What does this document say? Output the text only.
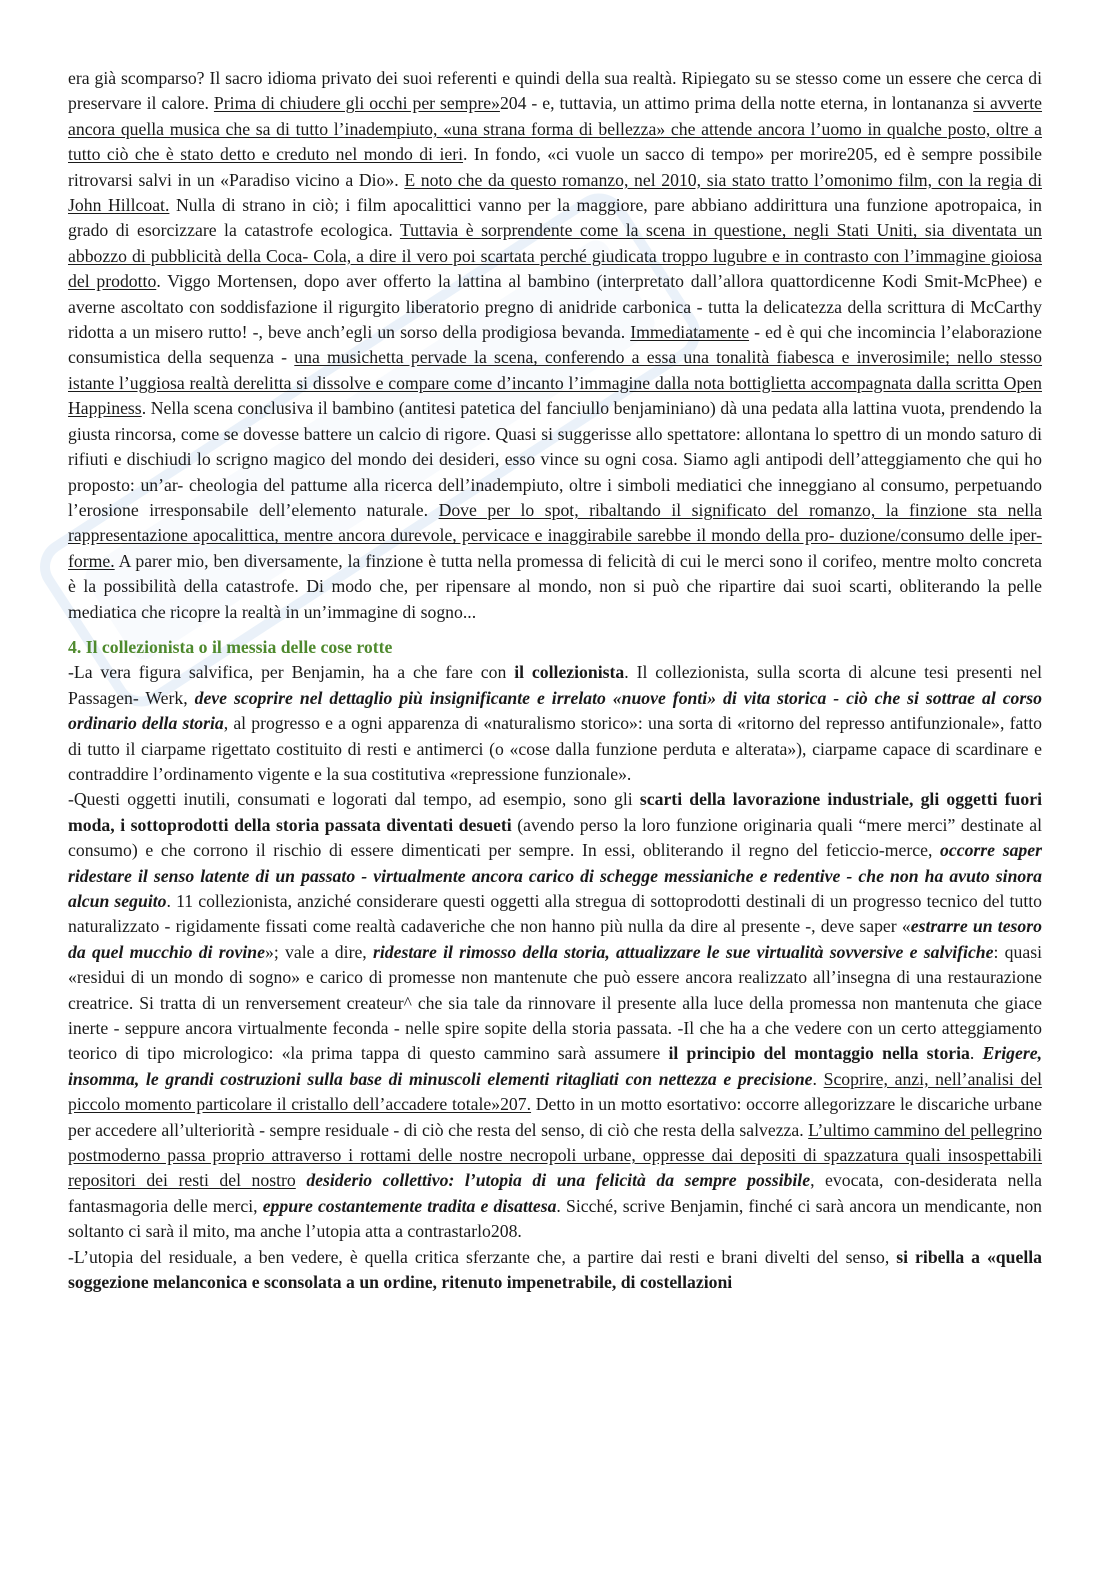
era già scomparso? Il sacro idioma privato dei suoi referenti e quindi della sua realtà. Ripiegato su se stesso come un essere che cerca di preservare il calore. Prima di chiudere gli occhi per sempre»204 - e, tuttavia, un attimo prima della notte eterna, in lontananza si avverte ancora quella musica che sa di tutto l’inadempiuto, «una strana forma di bellezza» che attende ancora l’uomo in qualche posto, oltre a tutto ciò che è stato detto e creduto nel mondo di ieri. In fondo, «ci vuole un sacco di tempo» per morire205, ed è sempre possibile ritrovarsi salvi in un «Paradiso vicino a Dio». E noto che da questo romanzo, nel 2010, sia stato tratto l’omonimo film, con la regia di John Hillcoat. Nulla di strano in ciò; i film apocalittici vanno per la maggiore, pare abbiano addirittura una funzione apotropaica, in grado di esorcizzare la catastrofe ecologica. Tuttavia è sorprendente come la scena in questione, negli Stati Uniti, sia diventata un abbozzo di pubblicità della Coca- Cola, a dire il vero poi scartata perché giudicata troppo lugubre e in contrasto con l’immagine gioiosa del prodotto. Viggo Mortensen, dopo aver offerto la lattina al bambino (interpretato dall’allora quattordicenne Kodi Smit-McPhee) e averne ascoltato con soddisfazione il rigurgito liberatorio pregno di anidride carbonica - tutta la delicatezza della scrittura di McCarthy ridotta a un misero rutto! -, beve anch’egli un sorso della prodigiosa bevanda. Immediatamente - ed è qui che incomincia l’elaborazione consumistica della sequenza - una musichetta pervade la scena, conferendo a essa una tonalità fiabesca e inverosimile; nello stesso istante l’uggiosa realtà derelitta si dissolve e compare come d’incanto l’immagine dalla nota bottiglietta accompagnata dalla scritta Open Happiness. Nella scena conclusiva il bambino (antitesi patetica del fanciullo benjaminiano) dà una pedata alla lattina vuota, prendendo la giusta rincorsa, come se dovesse battere un calcio di rigore. Quasi si suggerisse allo spettatore: allontana lo spettro di un mondo saturo di rifiuti e dischiudi lo scrigno magico del mondo dei desideri, esso vince su ogni cosa. Siamo agli antipodi dell’atteggiamento che qui ho proposto: un’ar- cheologia del pattume alla ricerca dell’inadempiuto, oltre i simboli mediatici che inneggiano al consumo, perpetuando l’erosione irresponsabile dell’elemento naturale. Dove per lo spot, ribaltando il significato del romanzo, la finzione sta nella rappresentazione apocalittica, mentre ancora durevole, pervicace e inaggirabile sarebbe il mondo della pro- duzione/consumo delle iper- forme. A parer mio, ben diversamente, la finzione è tutta nella promessa di felicità di cui le merci sono il corifeo, mentre molto concreta è la possibilità della catastrofe. Di modo che, per ripensare al mondo, non si può che ripartire dai suoi scarti, obliterando la pelle mediatica che ricopre la realtà in un’immagine di sogno...

4. Il collezionista o il messia delle cose rotte

-La vera figura salvifica, per Benjamin, ha a che fare con il collezionista. Il collezionista, sulla scorta di alcune tesi presenti nel Passagen- Werk, deve scoprire nel dettaglio più insignificante e irrelato «nuove fonti» di vita storica - ciò che si sottrae al corso ordinario della storia, al progresso e a ogni apparenza di «naturalismo storico»: una sorta di «ritorno del represso antifunzionale», fatto di tutto il ciarpame rigettato costituito di resti e antimerci (o «cose dalla funzione perduta e alterata»), ciarpame capace di scardinare e contraddire l’ordinamento vigente e la sua costitutiva «repressione funzionale».

-Questi oggetti inutili, consumati e logorati dal tempo, ad esempio, sono gli scarti della lavorazione industriale, gli oggetti fuori moda, i sottoprodotti della storia passata diventati desueti (avendo perso la loro funzione originaria quali “mere merci” destinate al consumo) e che corrono il rischio di essere dimenticati per sempre. In essi, obliterando il regno del feticcio-merce, occorre saper ridestare il senso latente di un passato - virtualmente ancora carico di schegge messianiche e redentive - che non ha avuto sinora alcun seguito. 11 collezionista, anziché considerare questi oggetti alla stregua di sottoprodotti destinali di un progresso tecnico del tutto naturalizzato - rigidamente fissati come realtà cadaveriche che non hanno più nulla da dire al presente -, deve saper «estrarre un tesoro da quel mucchio di rovine»; vale a dire, ridestare il rimosso della storia, attualizzare le sue virtualità sovversive e salvifiche: quasi «residui di un mondo di sogno» e carico di promesse non mantenute che può essere ancora realizzato all’insegna di una restaurazione creatrice. Si tratta di un renversement createur^ che sia tale da rinnovare il presente alla luce della promessa non mantenuta che giace inerte - seppure ancora virtualmente feconda - nelle spire sopite della storia passata. -Il che ha a che vedere con un certo atteggiamento teorico di tipo micrologico: «la prima tappa di questo cammino sarà assumere il principio del montaggio nella storia. Erigere, insomma, le grandi costruzioni sulla base di minuscoli elementi ritagliati con nettezza e precisione. Scoprire, anzi, nell’analisi del piccolo momento particolare il cristallo dell’accadere totale»207. Detto in un motto esortativo: occorre allegorizzare le discariche urbane per accedere all’ulteriorità - sempre residuale - di ciò che resta del senso, di ciò che resta della salvezza. L’ultimo cammino del pellegrino postmoderno passa proprio attraverso i rottami delle nostre necropoli urbane, oppresse dai depositi di spazzatura quali insospettabili repositori dei resti del nostro desiderio collettivo: l’utopia di una felicità da sempre possibile, evocata, con-desiderata nella fantasmagoria delle merci, eppure costantemente tradita e disattesa. Sicché, scrive Benjamin, finché ci sarà ancora un mendicante, non soltanto ci sarà il mito, ma anche l’utopia atta a contrastarlo208.

-L’utopia del residuale, a ben vedere, è quella critica sferzante che, a partire dai resti e brani divelti del senso, si ribella a «quella soggezione melanconica e sconsolata a un ordine, ritenuto impenetrabile, di costellazioni
